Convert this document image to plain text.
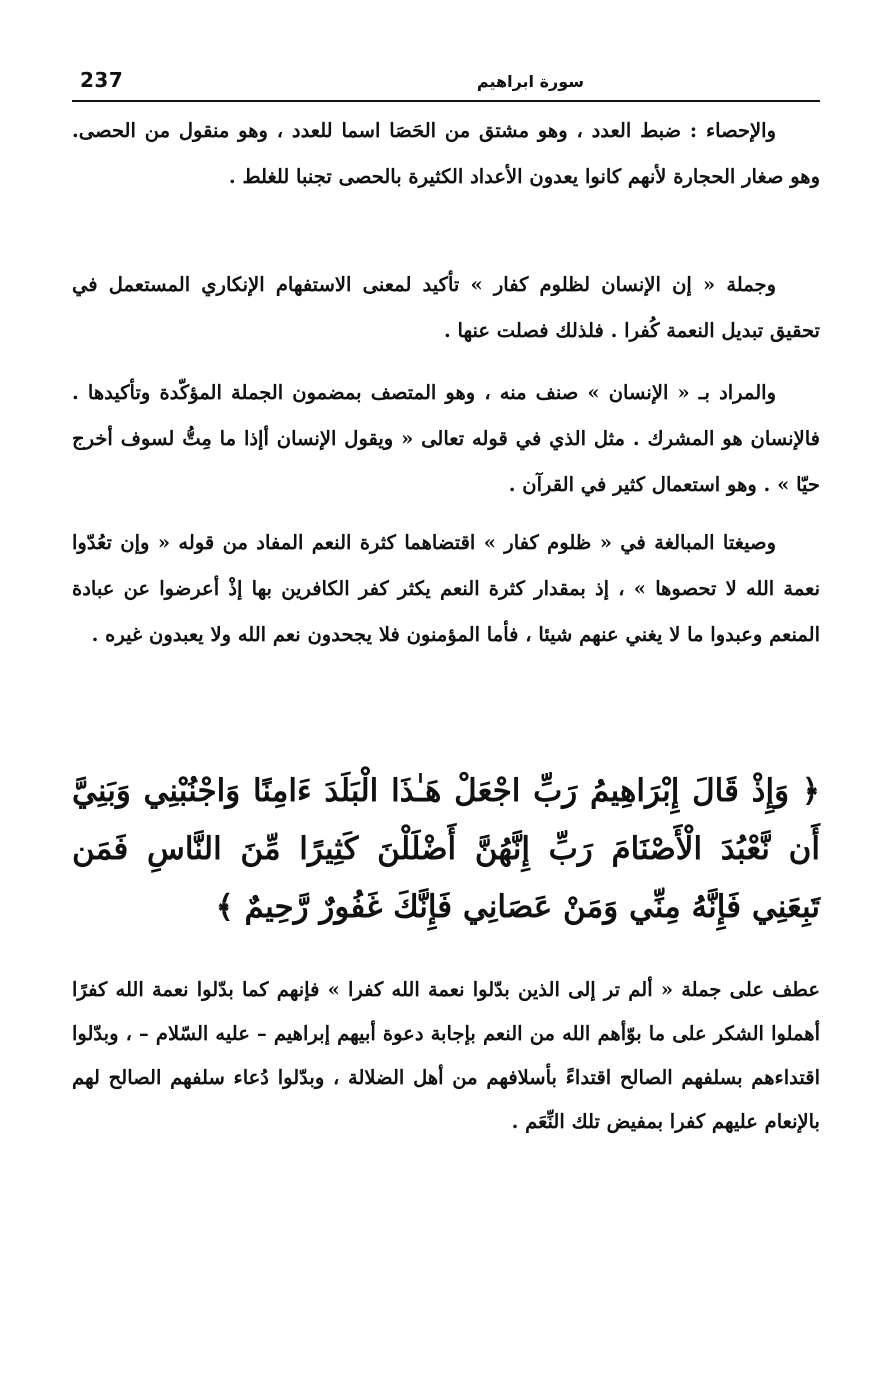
237	سورة ابراهيم

والإحصاء : ضبط العدد ، وهو مشتق من الحَصَا اسما للعدد ، وهو منقول من الحصى. وهو صغار الحجارة لأنهم كانوا يعدون الأعداد الكثيرة بالحصى تجنبا للغلط .

وجملة « إن الإنسان لظلوم كفار » تأكيد لمعنى الاستفهام الإنكاري المستعمل في تحقيق تبديل النعمة كُفرا . فلذلك فصلت عنها .

والمراد بـ « الإنسان » صنف منه ، وهو المتصف بمضمون الجملة المؤكّدة وتأكيدها . فالإنسان هو المشرك . مثل الذي في قوله تعالى « ويقول الإنسان أإذا ما مِتُّ لسوف أخرج حيّا » . وهو استعمال كثير في القرآن .

وصيغتا المبالغة في « ظلوم كفار » اقتضاهما كثرة النعم المفاد من قوله « وإن تعُدّوا نعمة الله لا تحصوها » ، إذ بمقدار كثرة النعم يكثر كفر الكافرين بها إذْ أعرضوا عن عبادة المنعم وعبدوا ما لا يغني عنهم شيئا ، فأما المؤمنون فلا يجحدون نعم الله ولا يعبدون غيره .

﴿ وَإِذْ قَالَ إِبْرَاهِيمُ رَبِّ اجْعَلْ هَـٰذَا الْبَلَدَ ءَامِنًا وَاجْنُبْنِي وَبَنِيَّ أَن نَّعْبُدَ الْأَصْنَامَ رَبِّ إِنَّهُنَّ أَضْلَلْنَ كَثِيرًا مِّنَ النَّاسِ فَمَن تَبِعَنِي فَإِنَّهُ مِنِّي وَمَنْ عَصَانِي فَإِنَّكَ غَفُورٌ رَّحِيمٌ ﴾

عطف على جملة « ألم تر إلى الذين بدّلوا نعمة الله كفرا » فإنهم كما بدّلوا نعمة الله كفرًا أهملوا الشكر على ما بوّأهم الله من النعم بإجابة دعوة أبيهم إبراهيم – عليه السّلام – ، وبدّلوا اقتداءهم بسلفهم الصالح اقتداءً بأسلافهم من أهل الضلالة ، وبدّلوا دُعاء سلفهم الصالح لهم بالإنعام عليهم كفرا بمفيض تلك النِّعَم .
